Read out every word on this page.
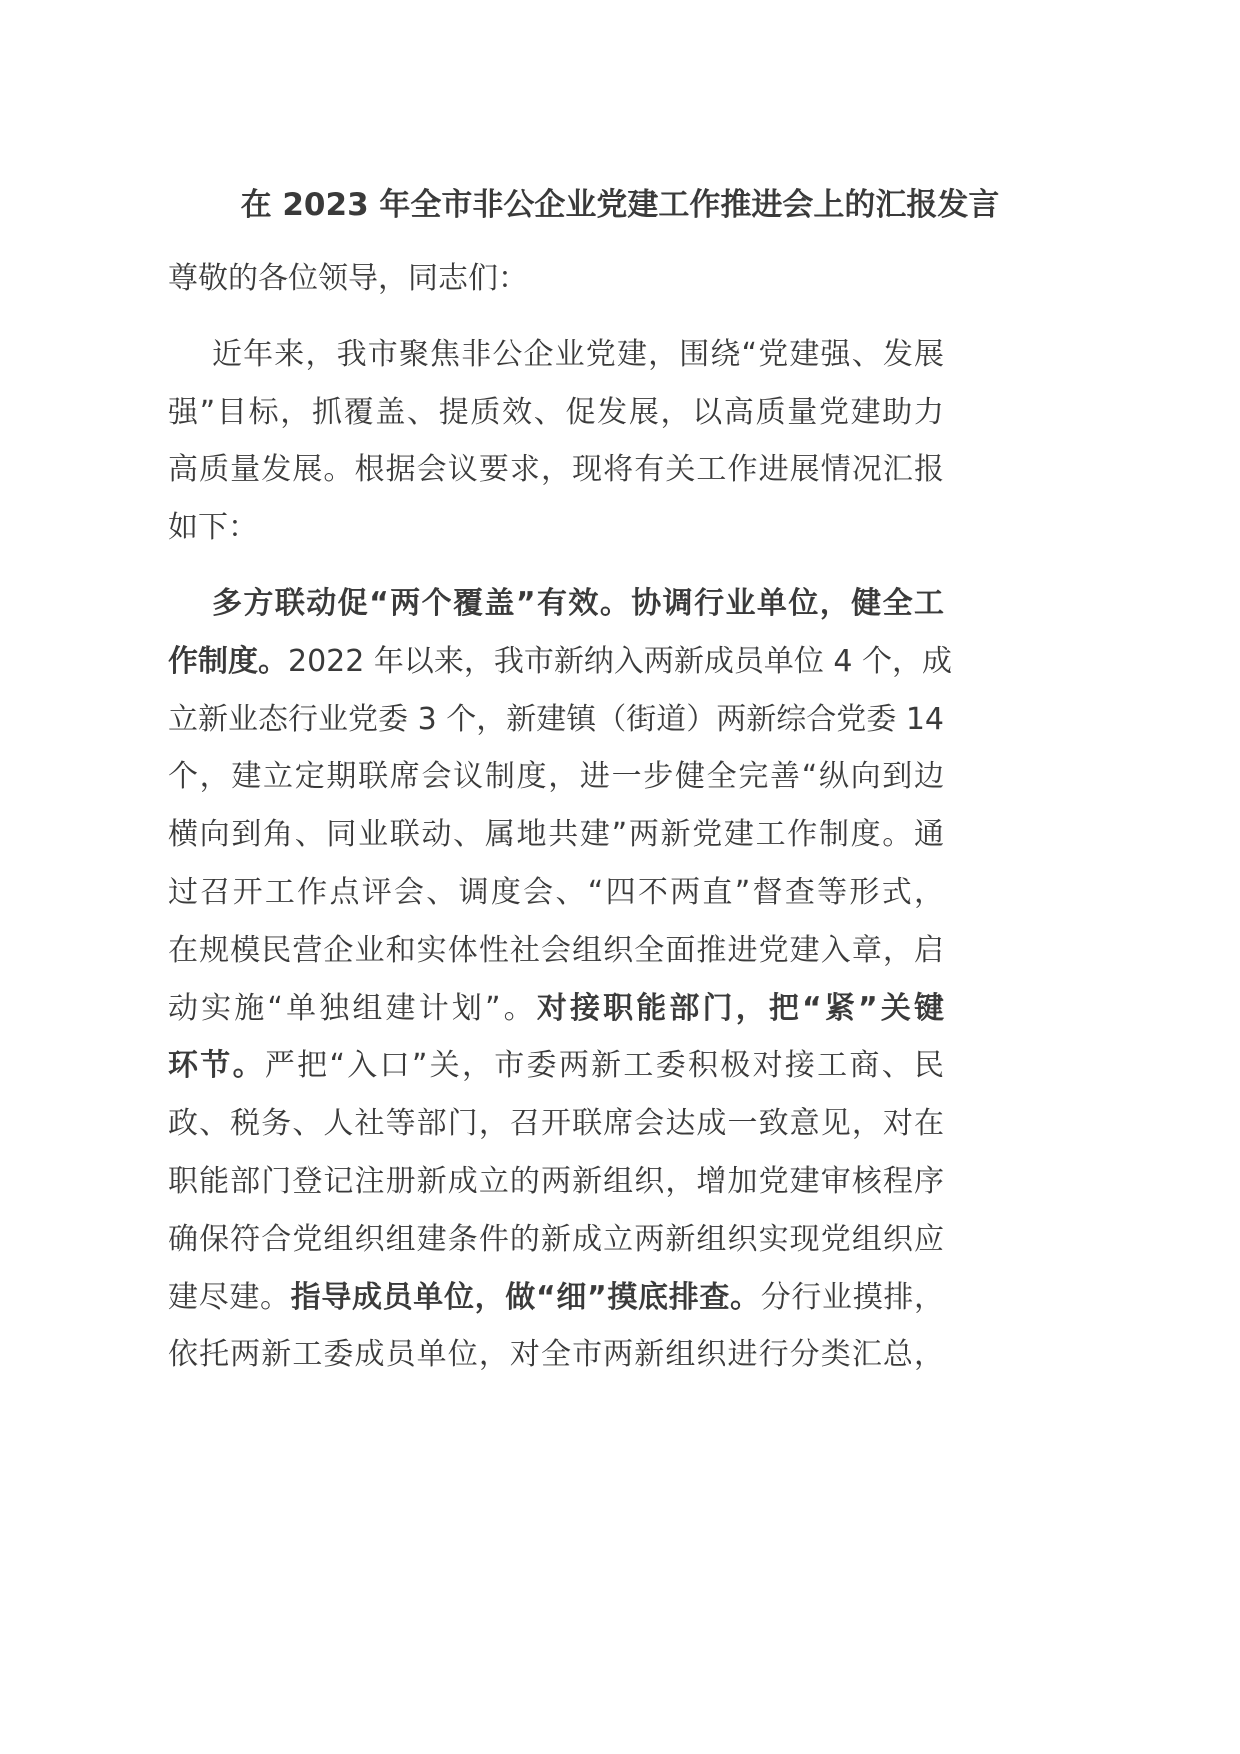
在 2023 年全市非公企业党建工作推进会上的汇报发言
尊敬的各位领导，同志们：
近年来，我市聚焦非公企业党建，围绕“党建强、发展
强”目标，抓覆盖、提质效、促发展，以高质量党建助力
高质量发展。根据会议要求，现将有关工作进展情况汇报
如下：
多方联动促“两个覆盖”有效。协调行业单位，健全工
作制度。2022 年以来，我市新纳入两新成员单位 4 个，成
立新业态行业党委 3 个，新建镇（街道）两新综合党委 14
个，建立定期联席会议制度，进一步健全完善“纵向到边
横向到角、同业联动、属地共建”两新党建工作制度。通
过召开工作点评会、调度会、“四不两直”督查等形式，
在规模民营企业和实体性社会组织全面推进党建入章，启
动实施“单独组建计划”。对接职能部门，把“紧”关键
环节。严把“入口”关，市委两新工委积极对接工商、民
政、税务、人社等部门，召开联席会达成一致意见，对在
职能部门登记注册新成立的两新组织，增加党建审核程序
确保符合党组织组建条件的新成立两新组织实现党组织应
建尽建。指导成员单位，做“细”摸底排查。分行业摸排，
依托两新工委成员单位，对全市两新组织进行分类汇总，
